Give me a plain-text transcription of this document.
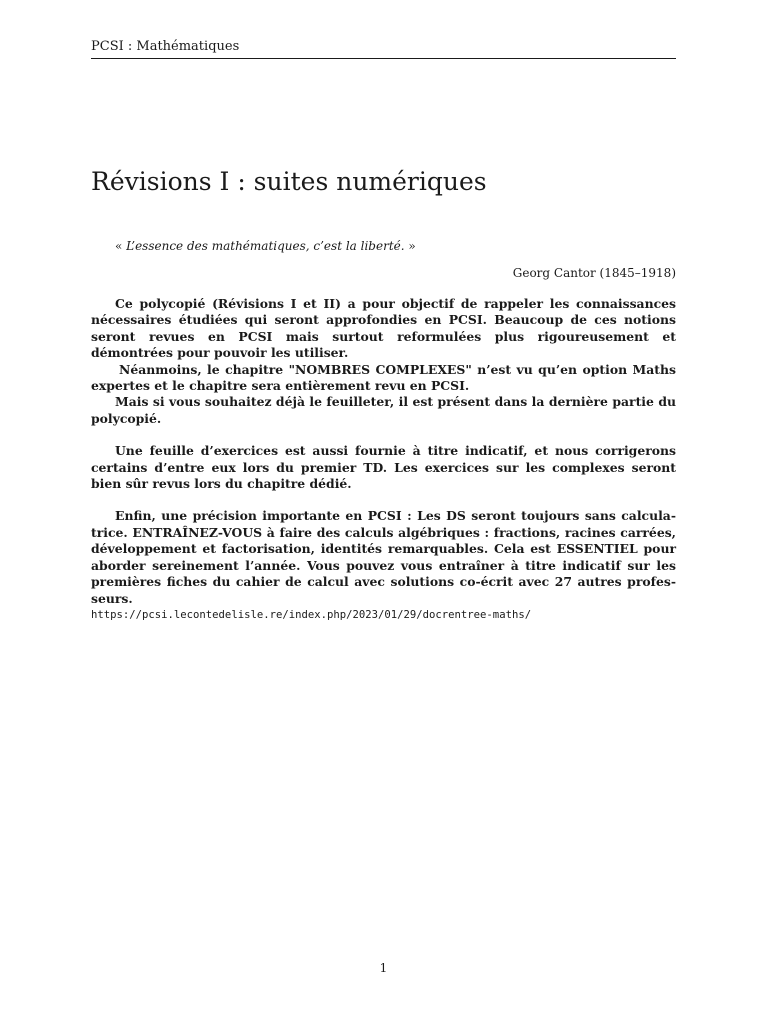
PCSI : Mathématiques
Révisions I : suites numériques
« L’essence des mathématiques, c’est la liberté. »
Georg Cantor (1845–1918)

Ce polycopié (Révisions I et II) a pour objectif de rappeler les connaissances nécessaires étudiées qui seront approfondies en PCSI. Beaucoup de ces notions seront revues en PCSI mais surtout reformulées plus rigoureusement et démontrées pour pouvoir les utiliser.

Néanmoins, le chapitre "NOMBRES COMPLEXES" n’est vu qu’en option Maths expertes et le chapitre sera entièrement revu en PCSI.

Mais si vous souhaitez déjà le feuilleter, il est présent dans la dernière partie du polycopié.

Une feuille d’exercices est aussi fournie à titre indicatif, et nous corrigerons certains d’entre eux lors du premier TD. Les exercices sur les complexes seront bien sûr revus lors du chapitre dédié.

Enfin, une précision importante en PCSI : Les DS seront toujours sans calculatrice. ENTRAÎNEZ-VOUS à faire des calculs algébriques : fractions, racines carrées, développement et factorisation, identités remarquables. Cela est ESSENTIEL pour aborder sereinement l’année. Vous pouvez vous entraîner à titre indicatif sur les premières fiches du cahier de calcul avec solutions co-écrit avec 27 autres professeurs.

https://pcsi.lecontedelisle.re/index.php/2023/01/29/docrentree-maths/
1
